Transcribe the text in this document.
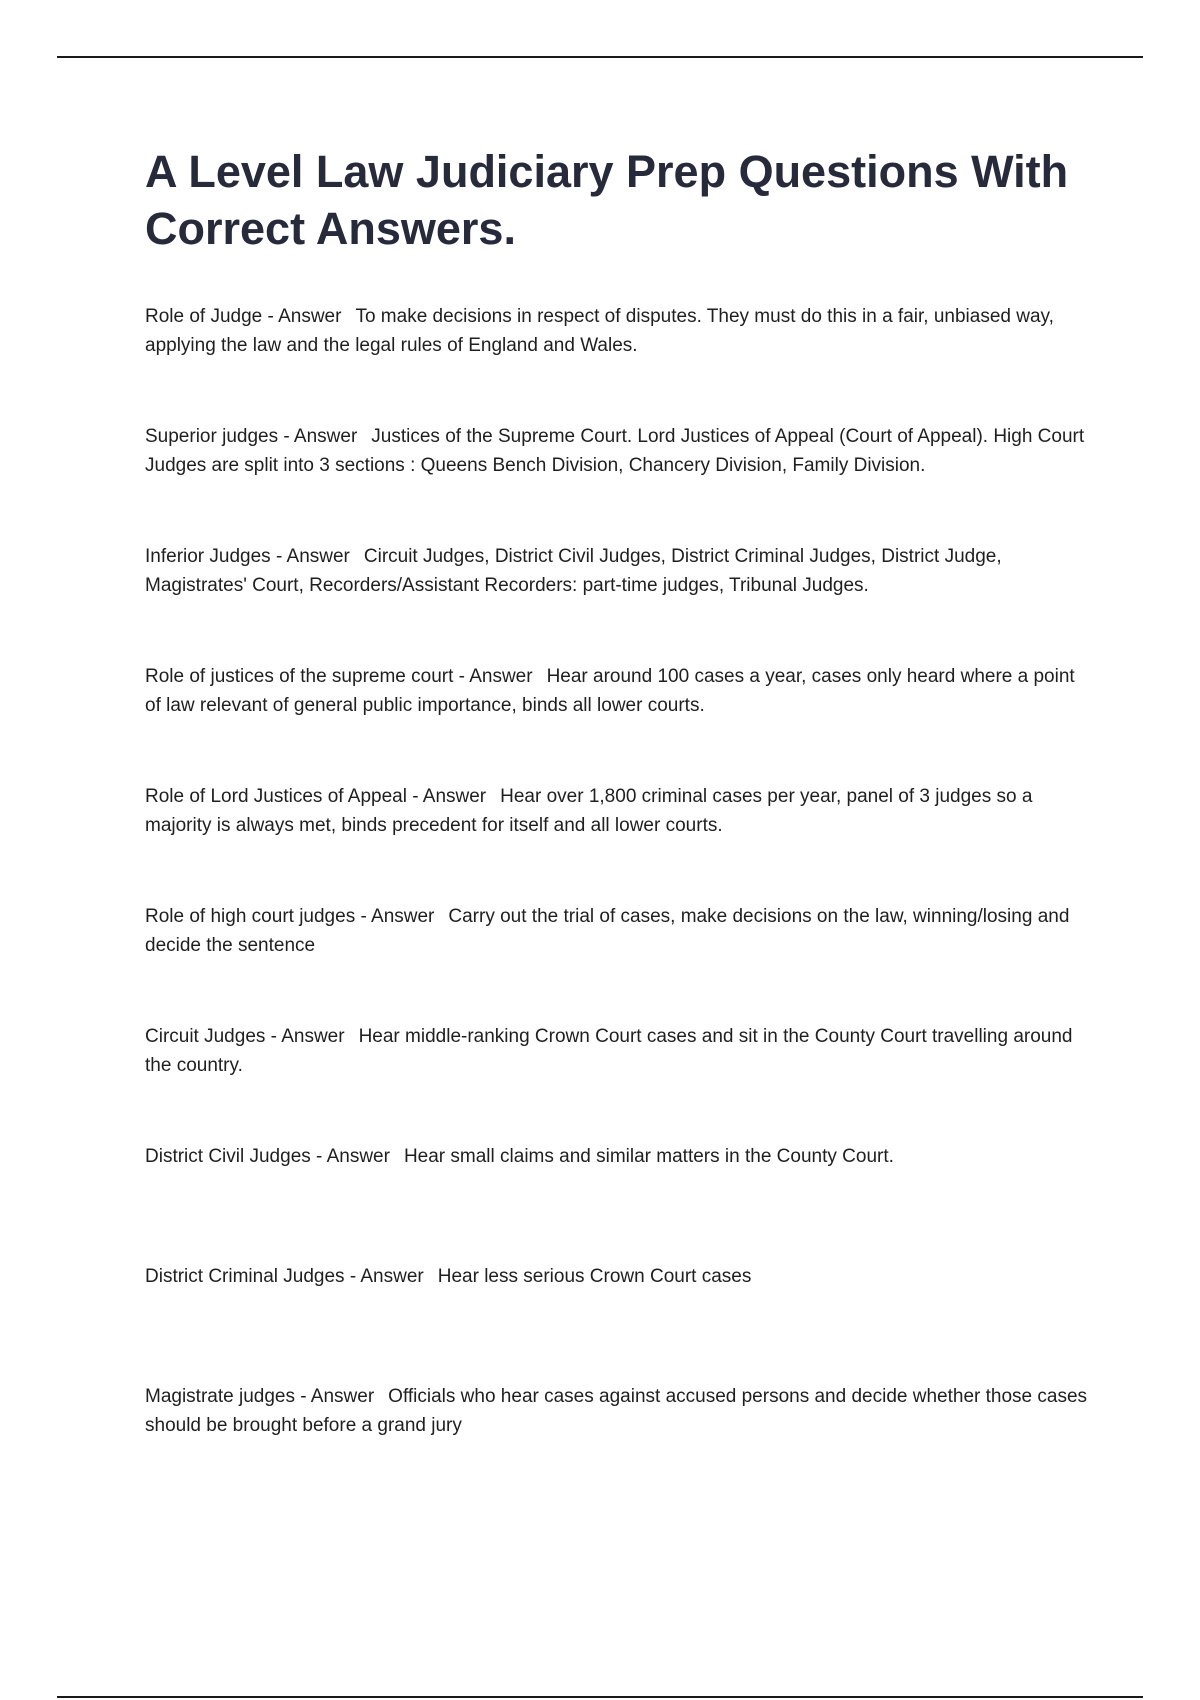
A Level Law Judiciary Prep Questions With Correct Answers.
Role of Judge - Answer To make decisions in respect of disputes. They must do this in a fair, unbiased way, applying the law and the legal rules of England and Wales.
Superior judges - Answer Justices of the Supreme Court. Lord Justices of Appeal (Court of Appeal). High Court Judges are split into 3 sections : Queens Bench Division, Chancery Division, Family Division.
Inferior Judges - Answer Circuit Judges, District Civil Judges, District Criminal Judges, District Judge, Magistrates' Court, Recorders/Assistant Recorders: part-time judges, Tribunal Judges.
Role of justices of the supreme court - Answer Hear around 100 cases a year, cases only heard where a point of law relevant of general public importance, binds all lower courts.
Role of Lord Justices of Appeal - Answer Hear over 1,800 criminal cases per year, panel of 3 judges so a majority is always met, binds precedent for itself and all lower courts.
Role of high court judges - Answer Carry out the trial of cases, make decisions on the law, winning/losing and decide the sentence
Circuit Judges - Answer Hear middle-ranking Crown Court cases and sit in the County Court travelling around the country.
District Civil Judges - Answer Hear small claims and similar matters in the County Court.
District Criminal Judges - Answer Hear less serious Crown Court cases
Magistrate judges - Answer Officials who hear cases against accused persons and decide whether those cases should be brought before a grand jury
